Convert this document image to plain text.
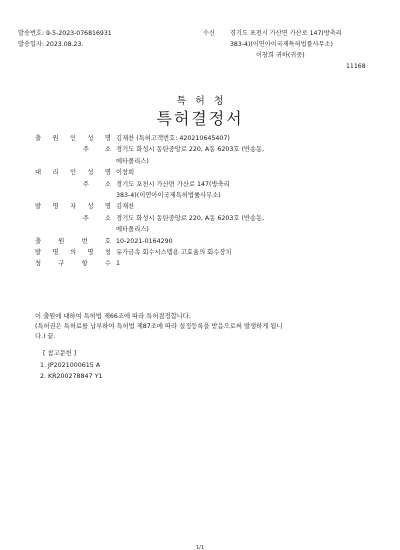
발송번호: 9-5-2023-076816931
발송일자: 2023.08.23.
수신 경기도 포천시 가산면 가산로 147(방축리
383-4)(이연아이국제특허법률사무소)
이창희 귀하(귀중)
11168
특허청
특허결정서
출 원 인 성 명 김재찬 (특허고객번호: 420210645407)
주	소 경기도 화성시 동탄중앙로 220, A동 6203호 (반송동,
메타폴리스)
대 리 인 성 명 이창희
주	소 경기도 포천시 가산면 가산로 147(방축리
383-4)(이연아이국제특허법률사무소)
발 명 자 성 명 김재찬
주	소 경기도 화성시 동탄중앙로 220, A동 6203호 (반송동,
메타폴리스)
출	원	번	호 10-2021-0164290
발 명 의 명 칭 유가금속 회수시스템용 고효율의 회수장치
청	구	항	수 1
이 출원에 대하여 특허법 제66조에 따라 특허결정합니다.
(특허권은 특허료를 납부하여 특허법 제87조에 따라 설정등록을 받음으로써 발생하게 됩니
다.) 끝.
[ 참고문헌 ]
1. JP2021000615 A
2. KR200278847 Y1
1/1
